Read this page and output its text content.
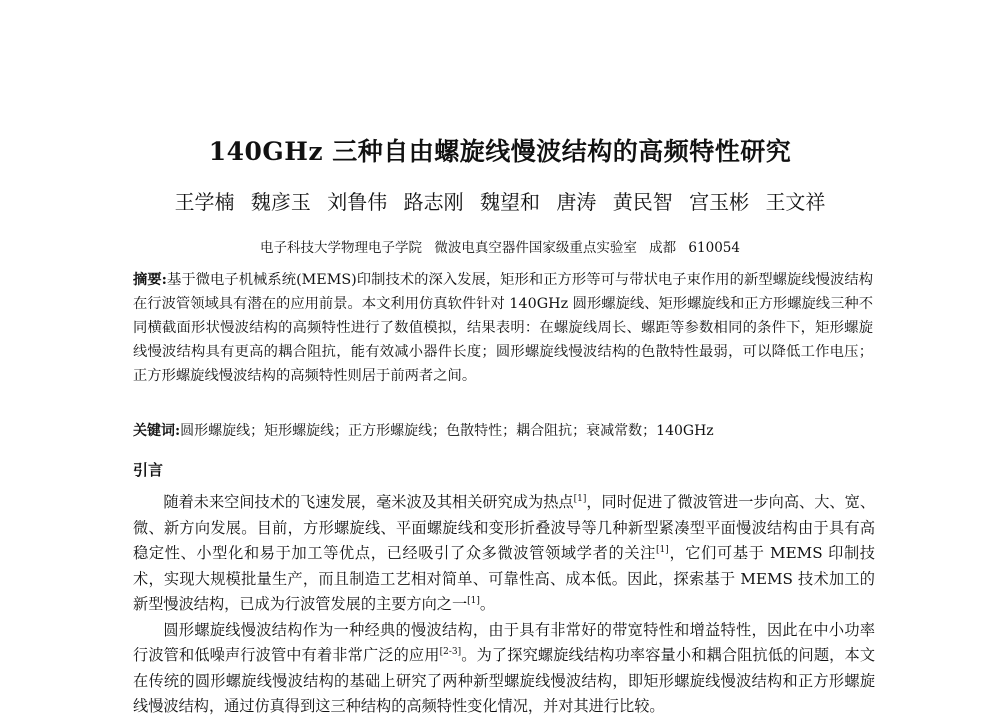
140GHz 三种自由螺旋线慢波结构的高频特性研究
王学楠 魏彦玉 刘鲁伟 路志刚 魏望和 唐涛 黄民智 宫玉彬 王文祥
电子科技大学物理电子学院 微波电真空器件国家级重点实验室 成都 610054

摘要:基于微电子机械系统(MEMS)印制技术的深入发展，矩形和正方形等可与带状电子束作用的新型螺旋线慢波结构在行波管领域具有潜在的应用前景。本文利用仿真软件针对 140GHz 圆形螺旋线、矩形螺旋线和正方形螺旋线三种不同横截面形状慢波结构的高频特性进行了数值模拟，结果表明：在螺旋线周长、螺距等参数相同的条件下，矩形螺旋线慢波结构具有更高的耦合阻抗，能有效减小器件长度；圆形螺旋线慢波结构的色散特性最弱，可以降低工作电压；正方形螺旋线慢波结构的高频特性则居于前两者之间。

关键词:圆形螺旋线；矩形螺旋线；正方形螺旋线；色散特性；耦合阻抗；衰减常数；140GHz

引言

随着未来空间技术的飞速发展，毫米波及其相关研究成为热点[1]，同时促进了微波管进一步向高、大、宽、微、新方向发展。目前，方形螺旋线、平面螺旋线和变形折叠波导等几种新型紧凑型平面慢波结构由于具有高稳定性、小型化和易于加工等优点，已经吸引了众多微波管领域学者的关注[1]，它们可基于 MEMS 印制技术，实现大规模批量生产，而且制造工艺相对简单、可靠性高、成本低。因此，探索基于 MEMS 技术加工的新型慢波结构，已成为行波管发展的主要方向之一[1]。

圆形螺旋线慢波结构作为一种经典的慢波结构，由于具有非常好的带宽特性和增益特性，因此在中小功率行波管和低噪声行波管中有着非常广泛的应用[2-3]。为了探究螺旋线结构功率容量小和耦合阻抗低的问题，本文在传统的圆形螺旋线慢波结构的基础上研究了两种新型螺旋线慢波结构，即矩形螺旋线慢波结构和正方形螺旋线慢波结构，通过仿真得到这三种结构的高频特性变化情况，并对其进行比较。
